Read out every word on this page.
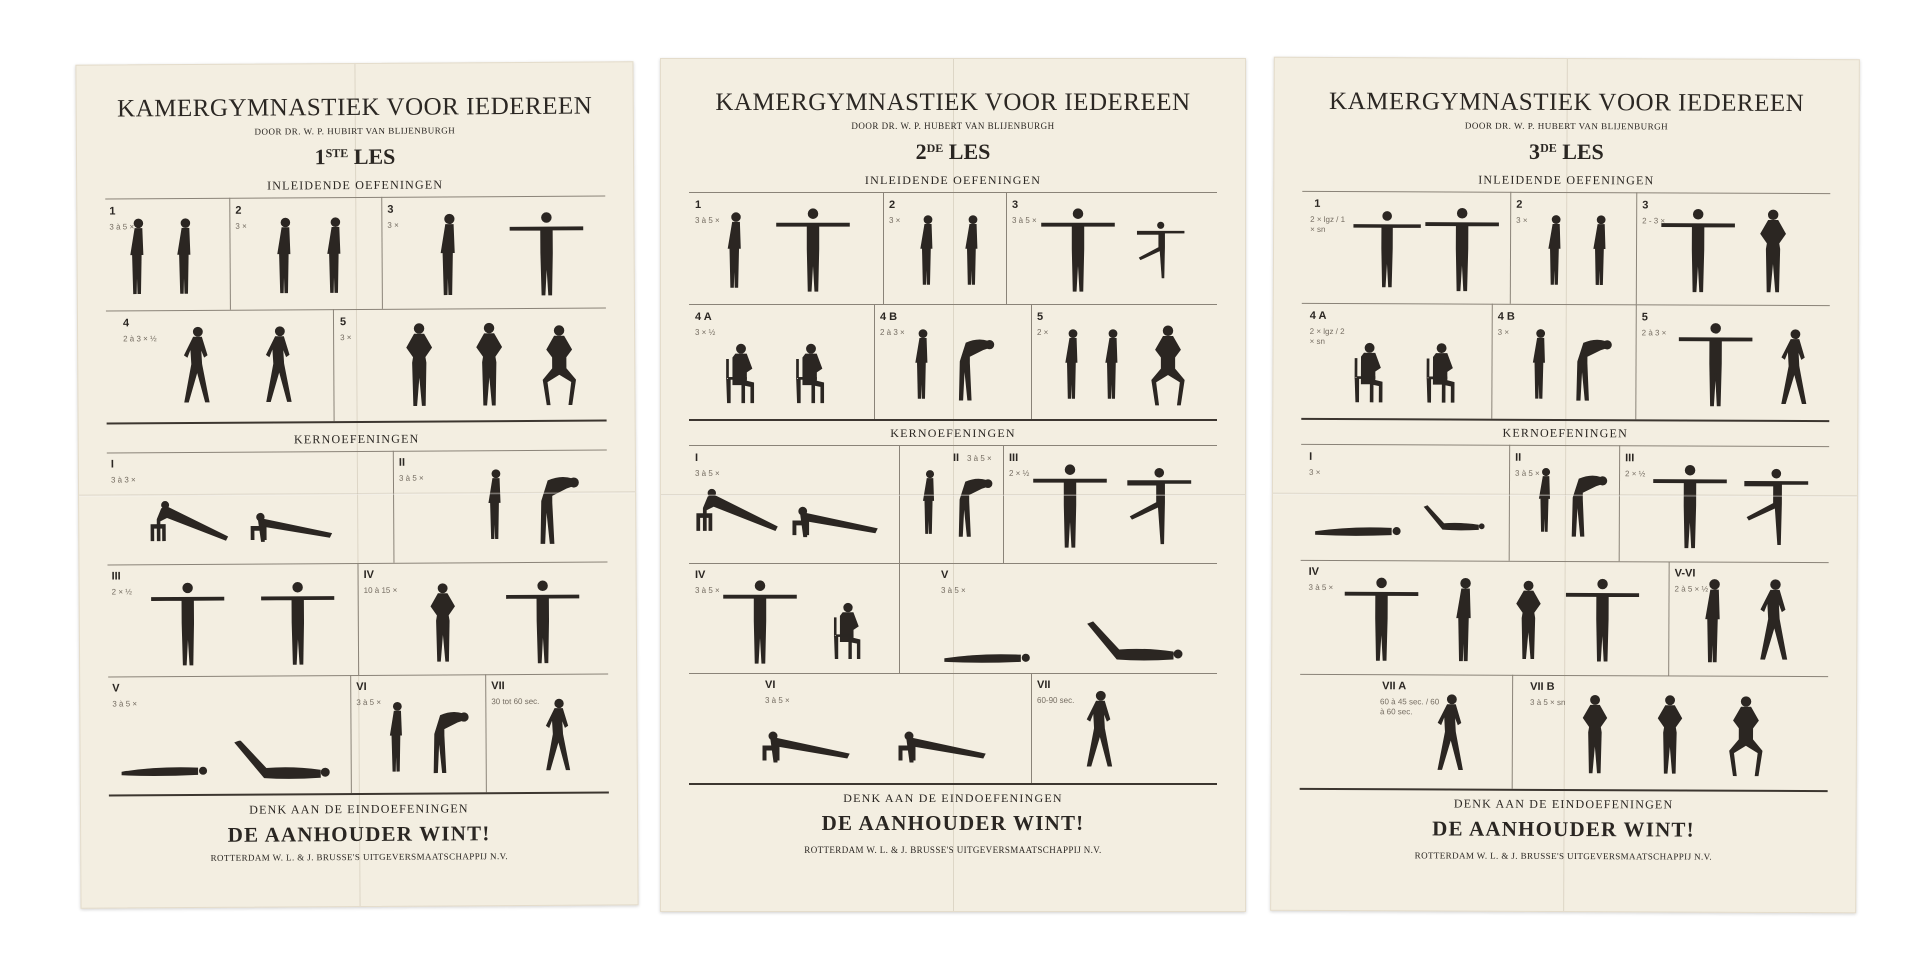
KAMERGYMNASTIEK VOOR IEDEREEN
DOOR DR. W. P. HUBIRT VAN BLIJENBURGH
1STE LES
INLEIDENDE OEFENINGEN
1
3 à 5 ×
2
3 ×
3
3 ×
4
2 à 3 × ½
5
3 ×
KERNOEFENINGEN
I
3 à 3 ×
II
3 à 5 ×
III
2 × ½
IV
10 à 15 ×
V
3 à 5 ×
VI
3 à 5 ×
VII
30 tot 60 sec.
DENK AAN DE EINDOEFENINGEN
DE AANHOUDER WINT!
ROTTERDAM W. L. & J. BRUSSE'S UITGEVERSMAATSCHAPPIJ N.V.
KAMERGYMNASTIEK VOOR IEDEREEN
DOOR DR. W. P. HUBERT VAN BLIJENBURGH
2DE LES
INLEIDENDE OEFENINGEN
1
3 à 5 ×
2
3 ×
3
3 à 5 ×
4 A
3 × ½
4 B
2 à 3 ×
5
2 ×
KERNOEFENINGEN
I
3 à 5 ×
II 3 à 5 × III
2 × ½
IV
3 à 5 ×
V
3 à 5 ×
VI
3 à 5 ×
VII
60-90 sec.
DENK AAN DE EINDOEFENINGEN
DE AANHOUDER WINT!
ROTTERDAM W. L. & J. BRUSSE'S UITGEVERSMAATSCHAPPIJ N.V.
KAMERGYMNASTIEK VOOR IEDEREEN
DOOR DR. W. P. HUBERT VAN BLIJENBURGH
3DE LES
INLEIDENDE OEFENINGEN
1
2 × lgz / 1 × sn
2
3 ×
3
2 - 3 ×
4 A
2 × lgz / 2 × sn
4 B
3 ×
5
2 à 3 ×
KERNOEFENINGEN
I
3 ×
II
3 à 5 ×
III
2 × ½
IV
3 à 5 ×
V-VI
2 à 5 × ½
VII A
60 à 45 sec. / 60 à 60 sec.
VII B
3 à 5 × sn
DENK AAN DE EINDOEFENINGEN
DE AANHOUDER WINT!
ROTTERDAM W. L. & J. BRUSSE'S UITGEVERSMAATSCHAPPIJ N.V.
